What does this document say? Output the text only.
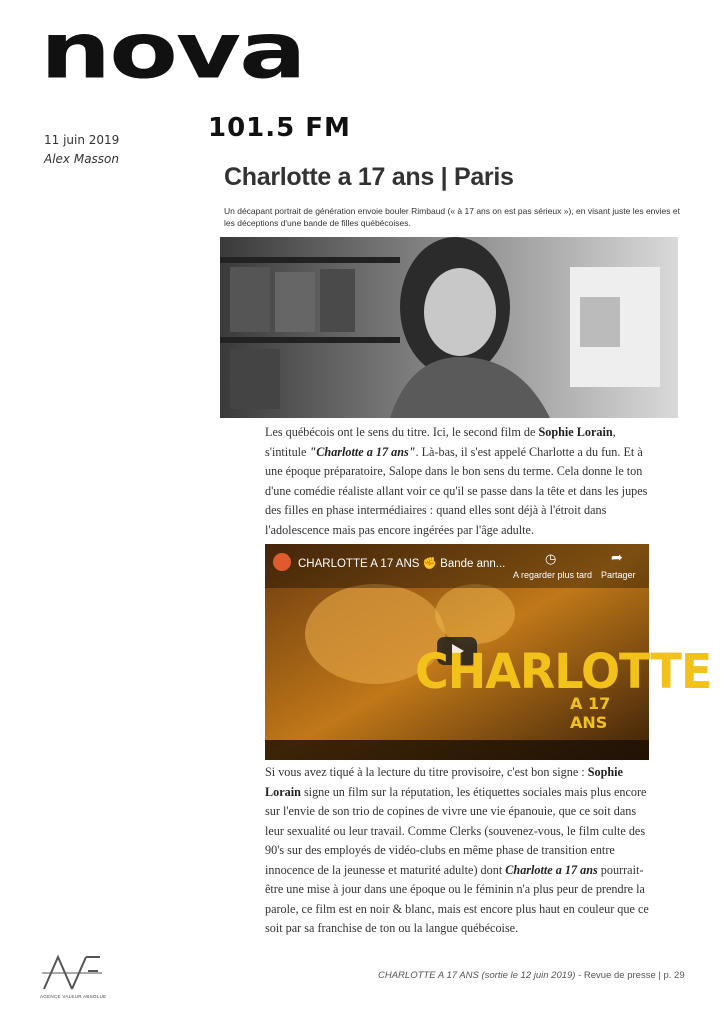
nova
101.5 FM
11 juin 2019
Alex Masson
Charlotte a 17 ans | Paris
Un décapant portrait de génération envoie bouler Rimbaud (« à 17 ans on est pas sérieux »), en visant juste les envies et les déceptions d'une bande de filles québécoises.
Les québécois ont le sens du titre. Ici, le second film de Sophie Lorain, s'intitule "Charlotte a 17 ans". Là-bas, il s'est appelé Charlotte a du fun. Et à une époque préparatoire, Salope dans le bon sens du terme. Cela donne le ton d'une comédie réaliste allant voir ce qu'il se passe dans la tête et dans les jupes des filles en phase intermédiaires : quand elles sont déjà à l'étroit dans l'adolescence mais pas encore ingérées par l'âge adulte.
CHARLOTTE A 17 ANS ✊ Bande ann...	◷
A regarder plus tard
➦
Partager
CHARLOTTE
A 17 ANS
Si vous avez tiqué à la lecture du titre provisoire, c'est bon signe : Sophie Lorain signe un film sur la réputation, les étiquettes sociales mais plus encore sur l'envie de son trio de copines de vivre une vie épanouie, que ce soit dans leur sexualité ou leur travail. Comme Clerks (souvenez-vous, le film culte des 90's sur des employés de vidéo-clubs en même phase de transition entre innocence de la jeunesse et maturité adulte) dont Charlotte a 17 ans pourrait-être une mise à jour dans une époque ou le féminin n'a plus peur de prendre la parole, ce film est en noir & blanc, mais est encore plus haut en couleur que ce soit par sa franchise de ton ou la langue québécoise.
AGENCE VALEUR ABSOLUE
CHARLOTTE A 17 ANS (sortie le 12 juin 2019) - Revue de presse | p. 29
